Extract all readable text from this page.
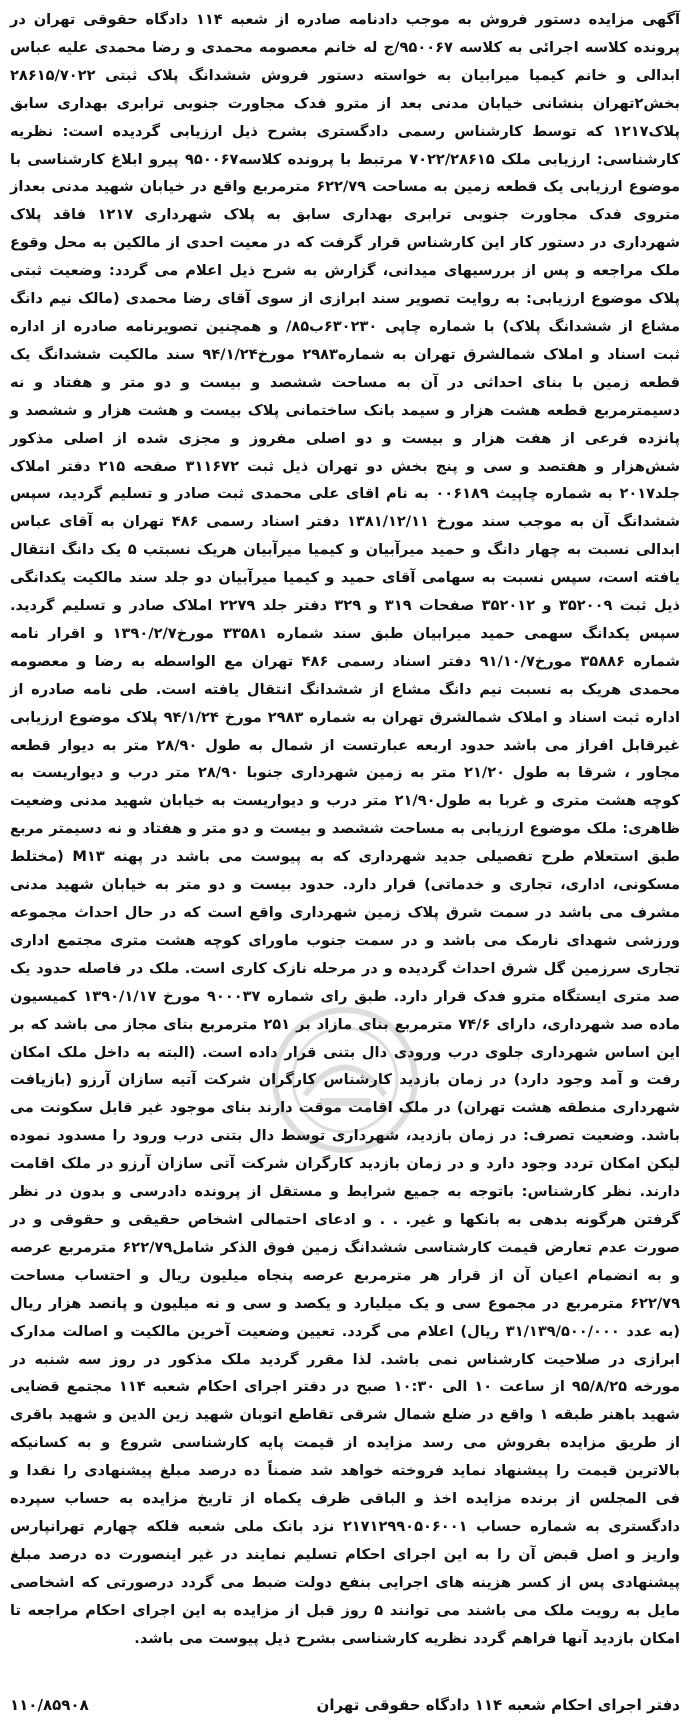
آگهی مزایده دستور فروش به موجب دادنامه صادره از شعبه ۱۱۴ دادگاه حقوقی تهران در پرونده کلاسه اجرائی به کلاسه ۹۵۰۰۶۷/ج له خانم معصومه محمدی و رضا محمدی علیه عباس ابدالی و خانم کیمیا میرابیان به خواسته دستور فروش ششدانگ پلاک ثبتی ۲۸۶۱۵/۷۰۲۲ بخش۲تهران بنشانی خیابان مدنی بعد از مترو فدک مجاورت جنوبی ترابری بهداری سابق پلاک۱۲۱۷ که توسط کارشناس رسمی دادگستری بشرح ذیل ارزیابی گردیده است: نظریه کارشناسی: ارزیابی ملک ۷۰۲۲/۲۸۶۱۵ مرتبط با پرونده کلاسه۹۵۰۰۶۷ پیرو ابلاغ کارشناسی با موضوع ارزیابی یک قطعه زمین به مساحت ۶۲۲/۷۹ مترمربع واقع در خیابان شهید مدنی بعداز متروی فدک مجاورت جنوبی ترابری بهداری سابق به پلاک شهرداری ۱۲۱۷ فاقد پلاک شهرداری در دستور کار این کارشناس قرار گرفت که در معیت احدی از مالکین به محل وقوع ملک مراجعه و پس از بررسیهای میدانی، گزارش به شرح ذیل اعلام می گردد: وضعیت ثبتی پلاک موضوع ارزیابی: به روایت تصویر سند ابرازی از سوی آقای رضا محمدی (مالک نیم دانگ مشاع از ششدانگ پلاک) با شماره چاپی ۶۳۰۲۳۰ب۸۵/ و همچنین تصویرنامه صادره از اداره ثبت اسناد و املاک شمالشرق تهران به شماره۲۹۸۳ مورخ۹۴/۱/۲۴ سند مالکیت ششدانگ یک قطعه زمین با بنای احداثی در آن به مساحت ششصد و بیست و دو متر و هفتاد و نه دسیمترمربع قطعه هشت هزار و سیمد بانک ساختمانی پلاک بیست و هشت هزار و ششصد و پانزده فرعی از هفت هزار و بیست و دو اصلی مفروز و مجزی شده از اصلی مذکور شش‌هزار و هفتصد و سی و پنج بخش دو تهران ذیل ثبت ۳۱۱۶۷۲ صفحه ۲۱۵ دفتر املاک جلد۲۰۱۷ به شماره چاپیث ۰۰۶۱۸۹ به نام اقای علی محمدی ثبت صادر و تسلیم گردید، سپس ششدانگ آن به موجب سند مورخ ۱۳۸۱/۱۲/۱۱ دفتر اسناد رسمی ۴۸۶ تهران به آقای عباس ابدالی نسبت به چهار دانگ و حمید میرآبیان و کیمیا میرآبیان هریک نسبتب ۵ یک دانگ انتقال یافته است، سپس نسبت به سهامی آقای حمید و کیمیا میرآبیان دو جلد سند مالکیت یکدانگی ذیل ثبت ۳۵۲۰۰۹ و ۳۵۲۰۱۲ صفحات ۳۱۹ و ۳۲۹ دفتر جلد ۲۲۷۹ املاک صادر و تسلیم گردید. سپس یکدانگ سهمی حمید میرابیان طبق سند شماره ۳۳۵۸۱ مورخ۱۳۹۰/۲/۷ و اقرار نامه شماره ۳۵۸۸۶ مورخ۹۱/۱۰/۷ دفتر اسناد رسمی ۴۸۶ تهران مع الواسطه به رضا و معصومه محمدی هریک به نسبت نیم دانگ مشاع از ششدانگ انتقال یافته است. طی نامه صادره از اداره ثبت اسناد و املاک شمالشرق تهران به شماره ۲۹۸۳ مورخ ۹۴/۱/۲۴ پلاک موضوع ارزیابی غیرقابل افراز می باشد حدود اربعه عبارتست از شمال به طول ۲۸/۹۰ متر به دیوار قطعه مجاور ، شرقا به طول ۲۱/۲۰ متر به زمین شهرداری جنوبا ۲۸/۹۰ متر درب و دیواریست به کوچه هشت متری و غربا به طول۲۱/۹۰ متر درب و دیواریست به خیابان شهید مدنی وضعیت ظاهری: ملک موضوع ارزیابی به مساحت ششصد و بیست و دو متر و هفتاد و نه دسیمتر مربع طبق استعلام طرح تفصیلی جدید شهرداری که به پیوست می باشد در پهنه M۱۳ (مختلط مسکونی، اداری، تجاری و خدماتی) قرار دارد. حدود بیست و دو متر به خیابان شهید مدنی مشرف می باشد در سمت شرق پلاک زمین شهرداری واقع است که در حال احداث مجموعه ورزشی شهدای نارمک می باشد و در سمت جنوب ماورای کوچه هشت متری مجتمع اداری تجاری سرزمین گل شرق احداث گردیده و در مرحله نازک کاری است. ملک در فاصله حدود یک صد متری ایستگاه مترو فدک قرار دارد. طبق رای شماره ۹۰۰۰۳۷ مورخ ۱۳۹۰/۱/۱۷ کمیسیون ماده صد شهرداری، دارای ۷۴/۶ مترمربع بنای مازاد بر ۲۵۱ مترمربع بنای مجاز می باشد که بر این اساس شهرداری جلوی درب ورودی دال بتنی قرار داده است. (البته به داخل ملک امکان رفت و آمد وجود دارد) در زمان بازدید کارشناس کارگران شرکت آتیه سازان آرزو (بازیافت شهرداری منطقه هشت تهران) در ملک اقامت موقت دارند بنای موجود غیر قابل سکونت می باشد. وضعیت تصرف: در زمان بازدید، شهرداری توسط دال بتنی درب ورود را مسدود نموده لیکن امکان تردد وجود دارد و در زمان بازدید کارگران شرکت آتی سازان آرزو در ملک اقامت دارند. نظر کارشناس: باتوجه به جمیع شرایط و مستقل از پرونده دادرسی و بدون در نظر گرفتن هرگونه بدهی به بانکها و غیر. . . و ادعای احتمالی اشخاص حقیقی و حقوقی و در صورت عدم تعارض قیمت کارشناسی ششدانگ زمین فوق الذکر شامل۶۲۲/۷۹ مترمربع عرصه و به انضمام اعیان آن از قرار هر مترمربع عرصه پنجاه میلیون ریال و احتساب مساحت ۶۲۲/۷۹ مترمربع در مجموع سی و یک میلیارد و یکصد و سی و نه میلیون و پانصد هزار ریال (به عدد ۳۱/۱۳۹/۵۰۰/۰۰۰ ریال) اعلام می گردد. تعیین وضعیت آخرین مالکیت و اصالت مدارک ابرازی در صلاحیت کارشناس نمی باشد. لذا مقرر گردید ملک مذکور در روز سه شنبه در مورخه ۹۵/۸/۲۵ از ساعت ۱۰ الی ۱۰:۳۰ صبح در دفتر اجرای احکام شعبه ۱۱۴ مجتمع قضایی شهید باهنر طبقه ۱ واقع در ضلع شمال شرقی تقاطع اتوبان شهید زین الدین و شهید باقری از طریق مزایده بفروش می رسد مزایده از قیمت پایه کارشناسی شروع و به کسانیکه بالاترین قیمت را پیشنهاد نماید فروخته خواهد شد ضمناً ده درصد مبلغ پیشنهادی را نقدا و فی المجلس از برنده مزایده اخذ و الباقی ظرف یکماه از تاریخ مزایده به حساب سپرده دادگستری به شماره حساب ۲۱۷۱۲۹۹۰۵۰۶۰۰۱ نزد بانک ملی شعبه فلکه چهارم تهرانپارس واریز و اصل قبض آن را به این اجرای احکام تسلیم نمایند در غیر اینصورت ده درصد مبلغ پیشنهادی پس از کسر هزینه های اجرایی بنفع دولت ضبط می گردد درصورتی که اشخاصی مایل به رویت ملک می باشند می توانند ۵ روز قبل از مزایده به این اجرای احکام مراجعه تا امکان بازدید آنها فراهم گردد نظریه کارشناسی بشرح ذیل پیوست می باشد.

دفتر اجرای احکام شعبه ۱۱۴ دادگاه حقوقی تهران
۱۱۰/۸۵۹۰۸
